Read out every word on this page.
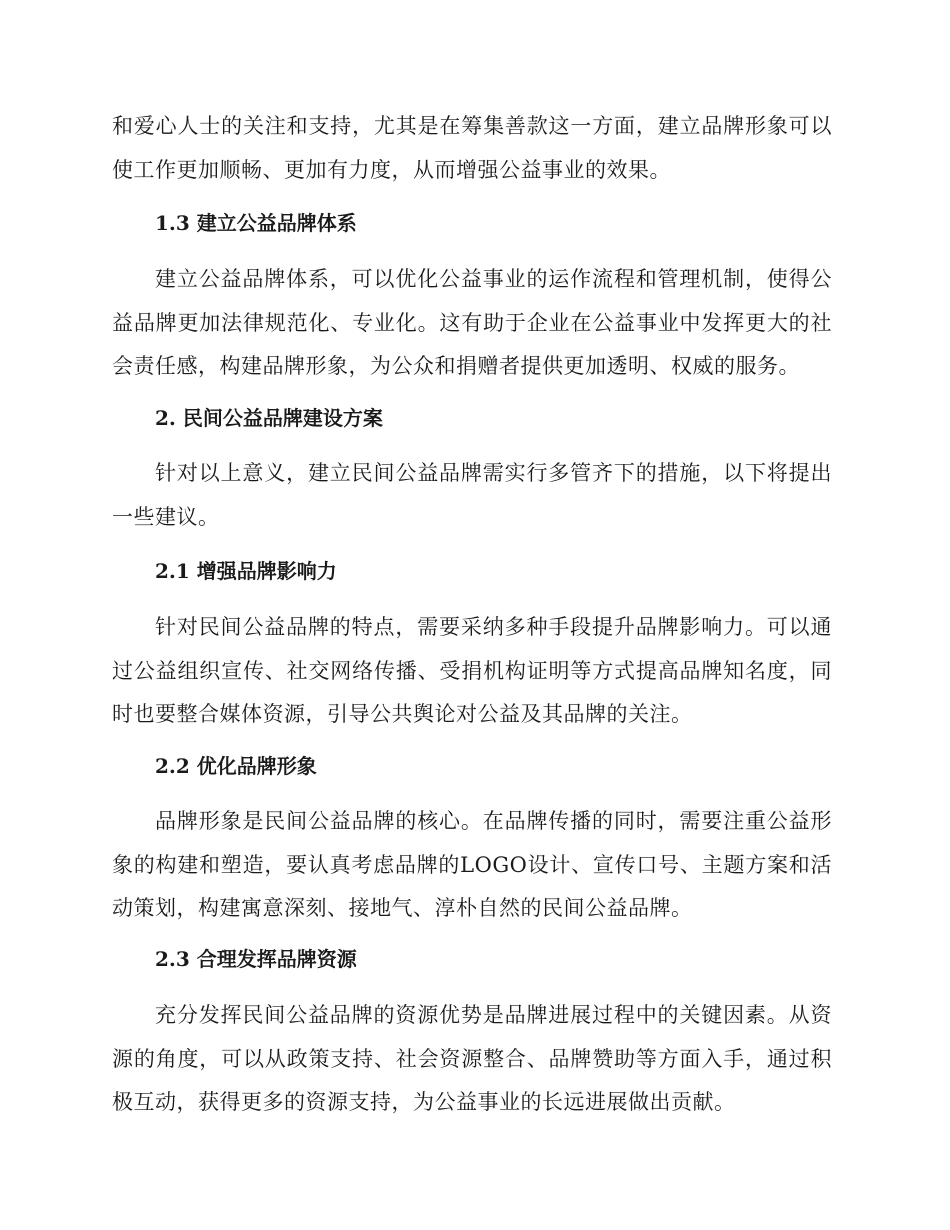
和爱心人士的关注和支持，尤其是在筹集善款这一方面，建立品牌形象可以使工作更加顺畅、更加有力度，从而增强公益事业的效果。

1.3 建立公益品牌体系

建立公益品牌体系，可以优化公益事业的运作流程和管理机制，使得公益品牌更加法律规范化、专业化。这有助于企业在公益事业中发挥更大的社会责任感，构建品牌形象，为公众和捐赠者提供更加透明、权威的服务。

2. 民间公益品牌建设方案

针对以上意义，建立民间公益品牌需实行多管齐下的措施，以下将提出一些建议。

2.1 增强品牌影响力

针对民间公益品牌的特点，需要采纳多种手段提升品牌影响力。可以通过公益组织宣传、社交网络传播、受捐机构证明等方式提高品牌知名度，同时也要整合媒体资源，引导公共舆论对公益及其品牌的关注。

2.2 优化品牌形象

品牌形象是民间公益品牌的核心。在品牌传播的同时，需要注重公益形象的构建和塑造，要认真考虑品牌的LOGO设计、宣传口号、主题方案和活动策划，构建寓意深刻、接地气、淳朴自然的民间公益品牌。

2.3 合理发挥品牌资源

充分发挥民间公益品牌的资源优势是品牌进展过程中的关键因素。从资源的角度，可以从政策支持、社会资源整合、品牌赞助等方面入手，通过积极互动，获得更多的资源支持，为公益事业的长远进展做出贡献。
